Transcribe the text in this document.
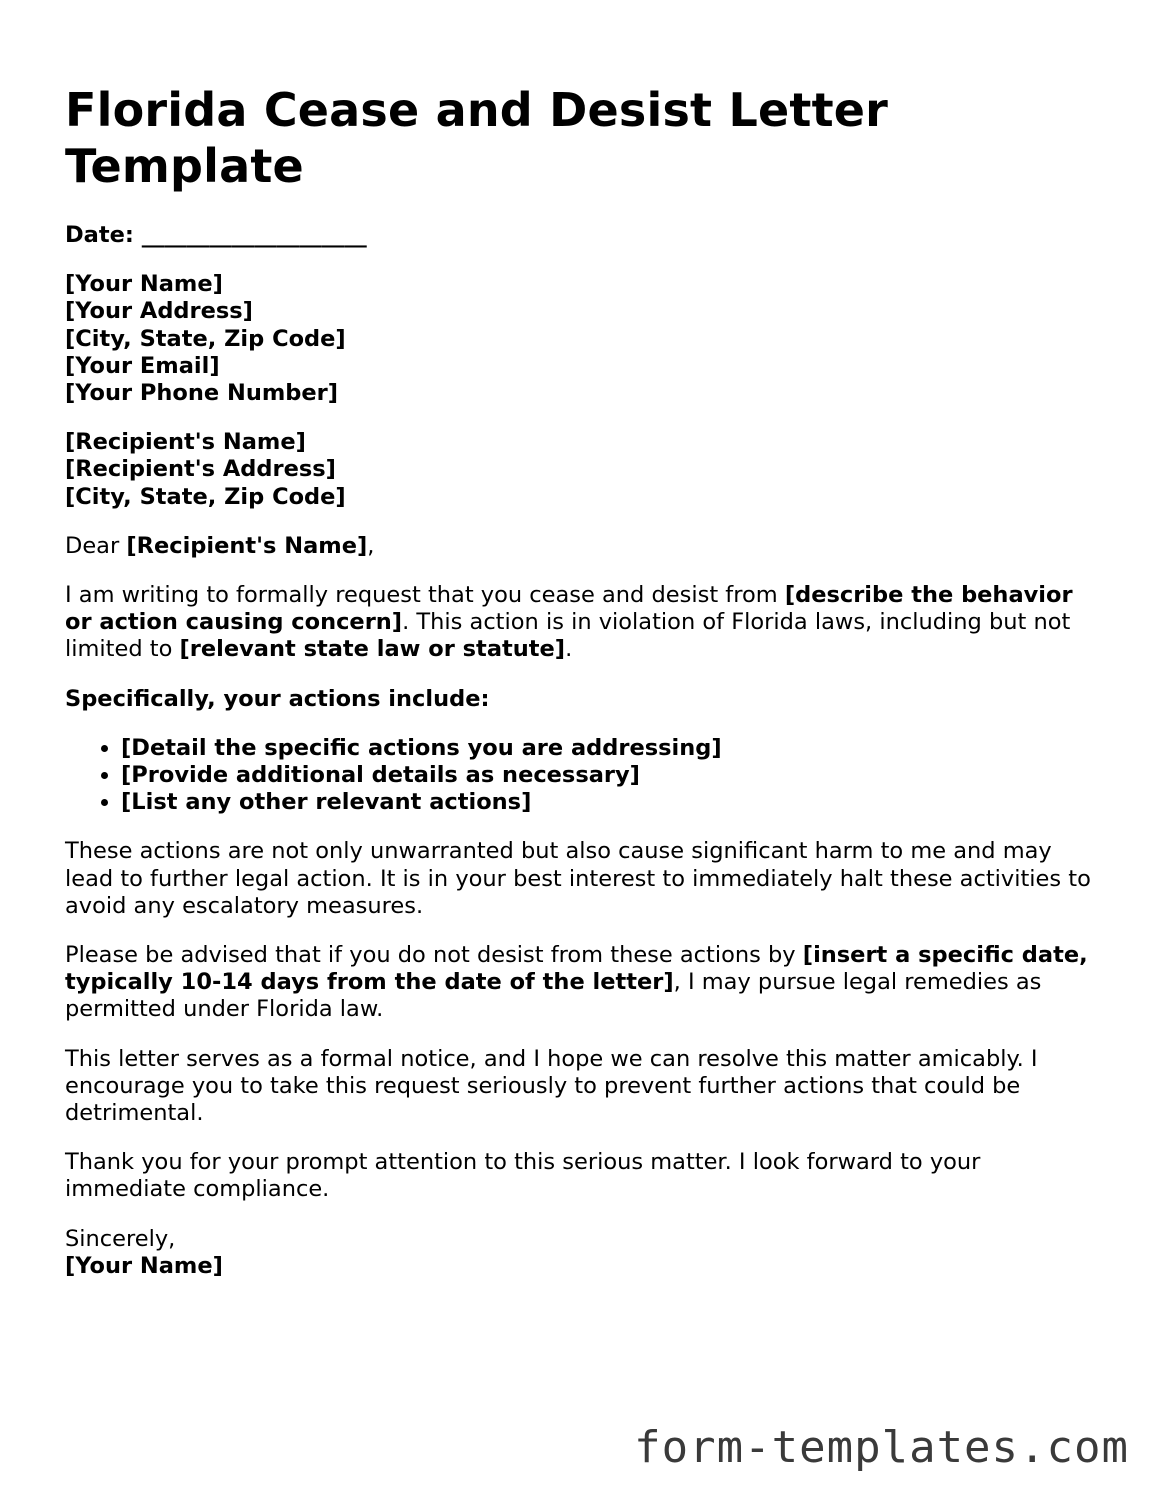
Florida Cease and Desist Letter Template

Date: ____________________

[Your Name]
[Your Address]
[City, State, Zip Code]
[Your Email]
[Your Phone Number]
[Recipient's Name]
[Recipient's Address]
[City, State, Zip Code]

Dear [Recipient's Name],

I am writing to formally request that you cease and desist from [describe the behavior or action causing concern]. This action is in violation of Florida laws, including but not limited to [relevant state law or statute].

Specifically, your actions include:

• [Detail the specific actions you are addressing]
• [Provide additional details as necessary]
• [List any other relevant actions]

These actions are not only unwarranted but also cause significant harm to me and may lead to further legal action. It is in your best interest to immediately halt these activities to avoid any escalatory measures.

Please be advised that if you do not desist from these actions by [insert a specific date, typically 10-14 days from the date of the letter], I may pursue legal remedies as permitted under Florida law.

This letter serves as a formal notice, and I hope we can resolve this matter amicably. I encourage you to take this request seriously to prevent further actions that could be detrimental.

Thank you for your prompt attention to this serious matter. I look forward to your immediate compliance.

Sincerely,
[Your Name]
form-templates.com
